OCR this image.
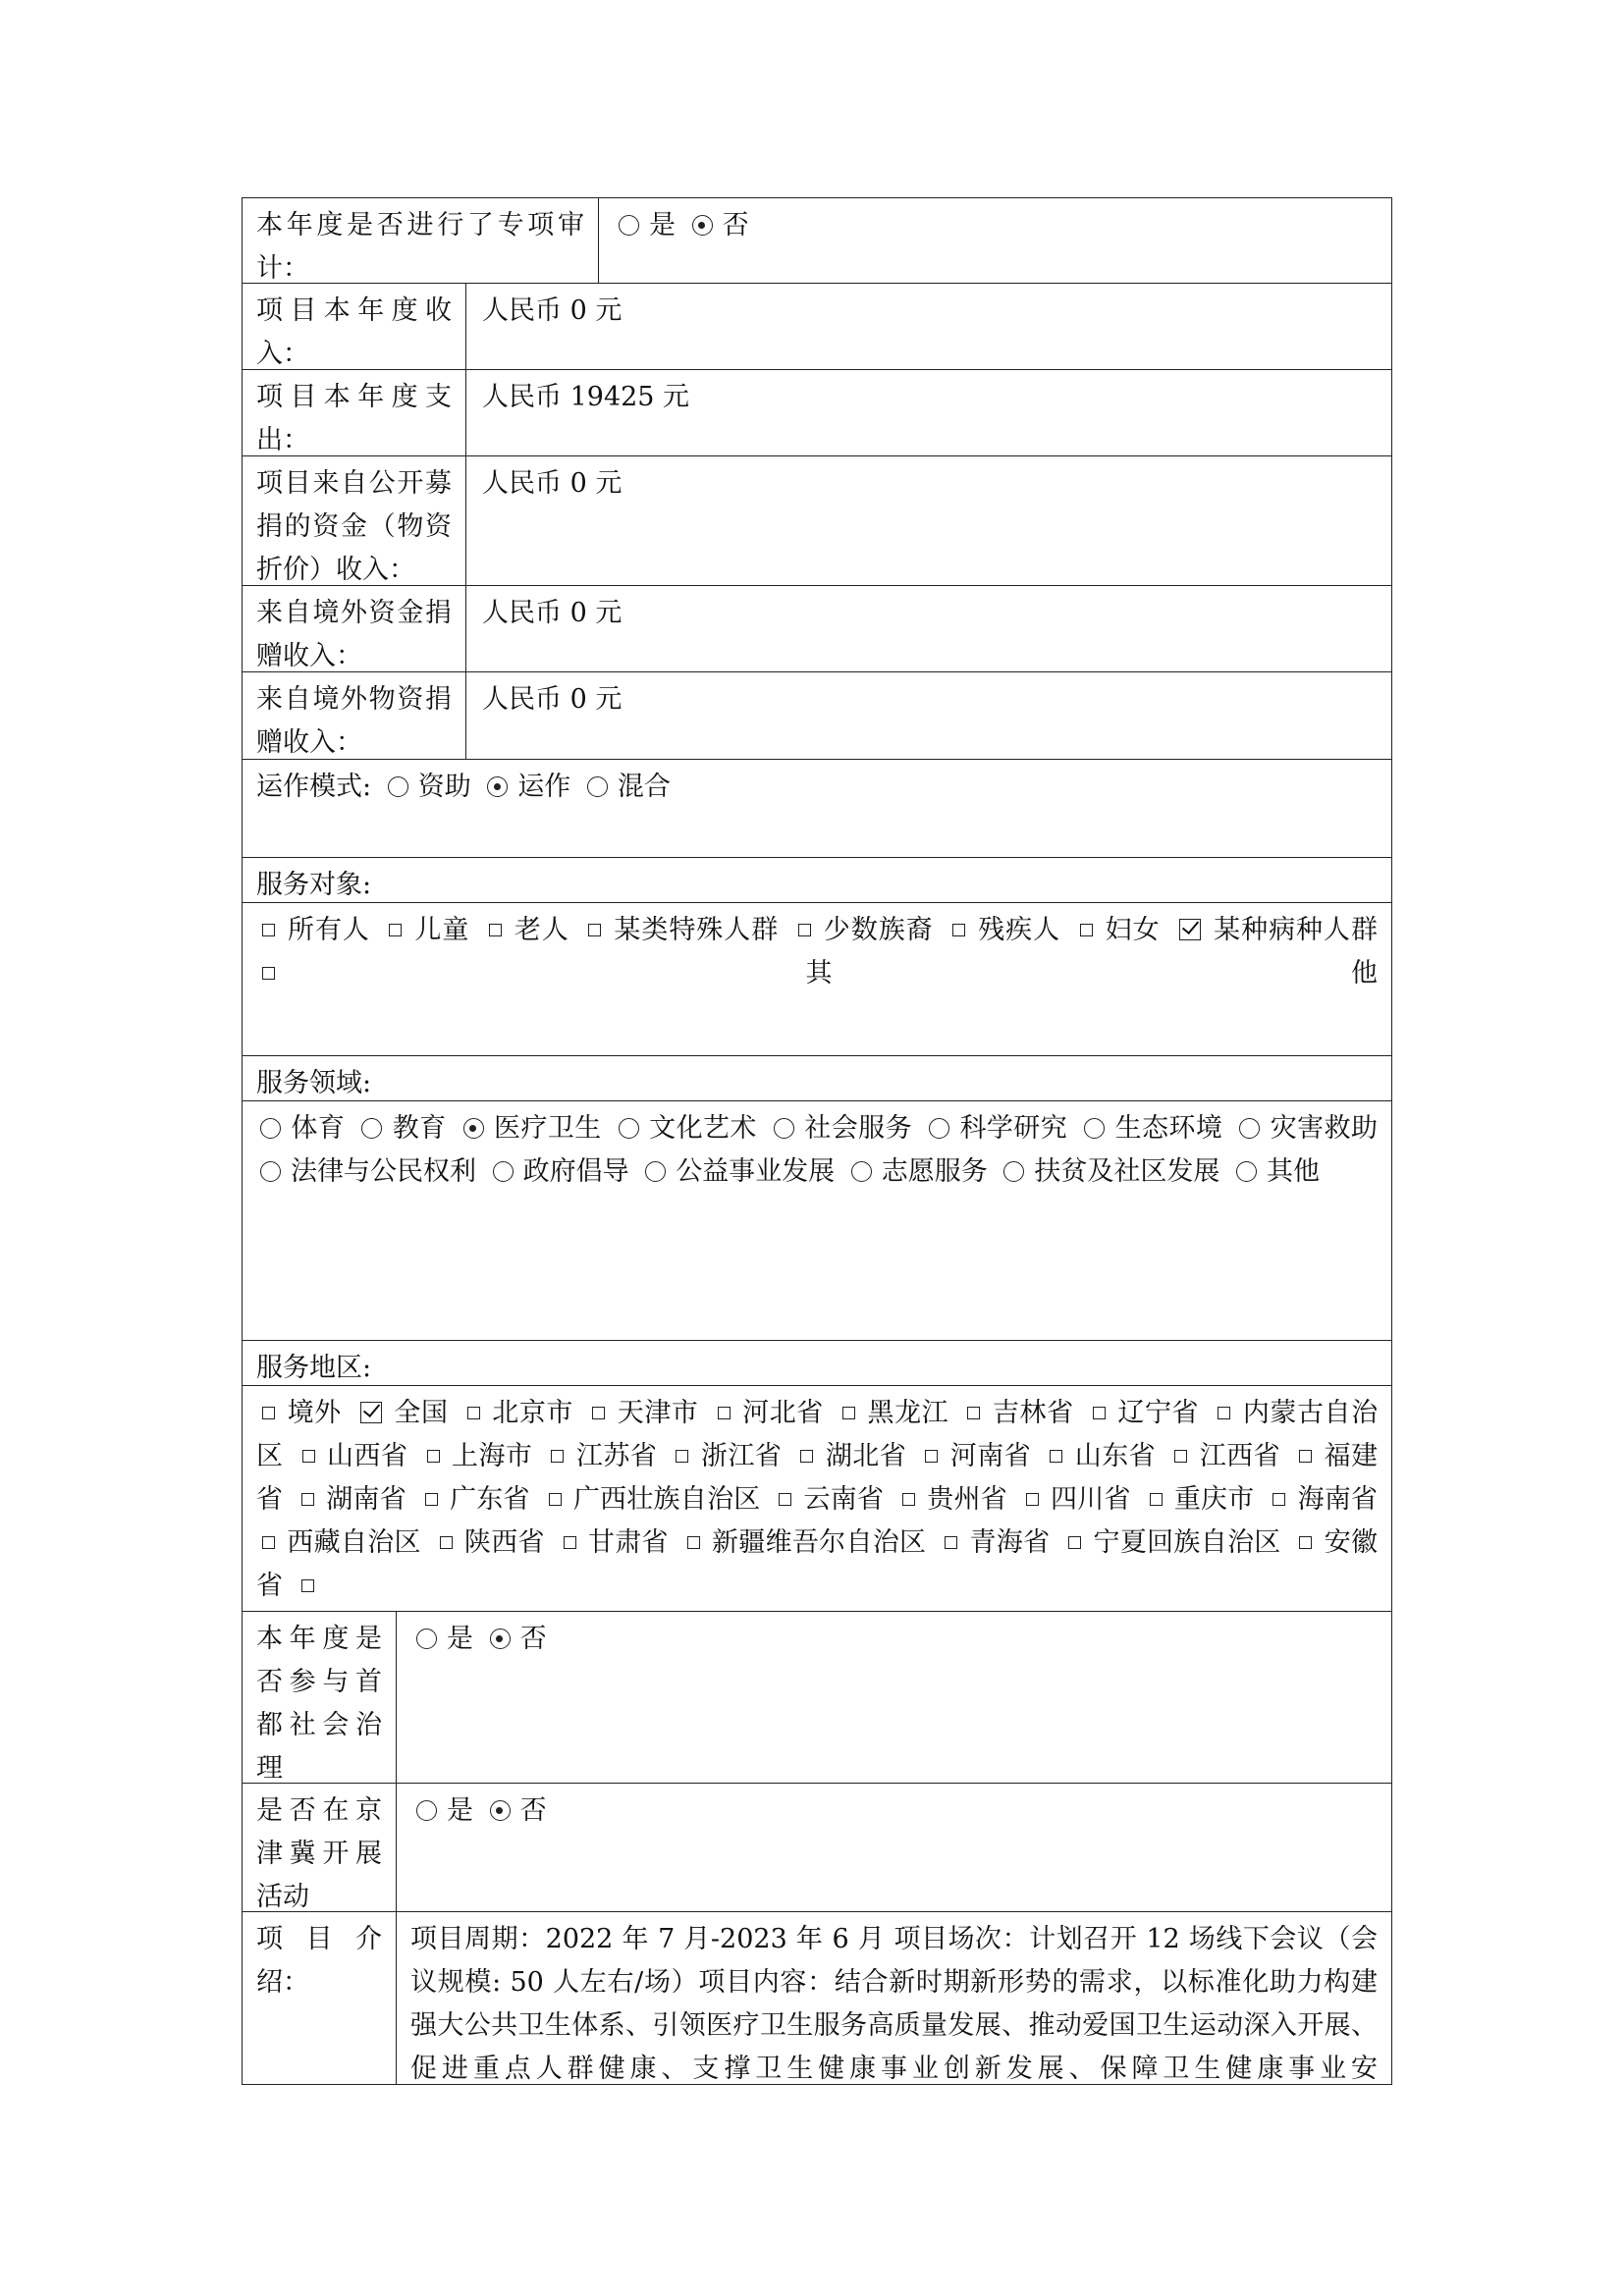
本年度是否进行了专项审计：
是 否
项目本年度收入：
人民币 0 元
项目本年度支出：
人民币 19425 元
项目来自公开募捐的资金（物资折价）收入：
人民币 0 元
来自境外资金捐赠收入：
人民币 0 元
来自境外物资捐赠收入：
人民币 0 元
运作模式: 资助 运作 混合
服务对象:
所有人 儿童 老人 某类特殊人群 少数族裔 残疾人 妇女 某种病种人群 其他
服务领域:
体育 教育 医疗卫生 文化艺术 社会服务 科学研究 生态环境 灾害救助 法律与公民权利 政府倡导 公益事业发展 志愿服务 扶贫及社区发展 其他
服务地区:
境外 全国 北京市 天津市 河北省 黑龙江 吉林省 辽宁省 内蒙古自治区 山西省 上海市 江苏省 浙江省 湖北省 河南省 山东省 江西省 福建省 湖南省 广东省 广西壮族自治区 云南省 贵州省 四川省 重庆市 海南省 西藏自治区 陕西省 甘肃省 新疆维吾尔自治区 青海省 宁夏回族自治区 安徽省
本年度是否参与首都社会治理
是 否
是否在京津冀开展活动
是 否
项目介绍：
项目周期：2022 年 7 月-2023 年 6 月 项目场次：计划召开 12 场线下会议（会议规模: 50 人左右/场）项目内容：结合新时期新形势的需求，以标准化助力构建强大公共卫生体系、引领医疗卫生服务高质量发展、推动爱国卫生运动深入开展、促进重点人群健康、支撑卫生健康事业创新发展、保障卫生健康事业安
